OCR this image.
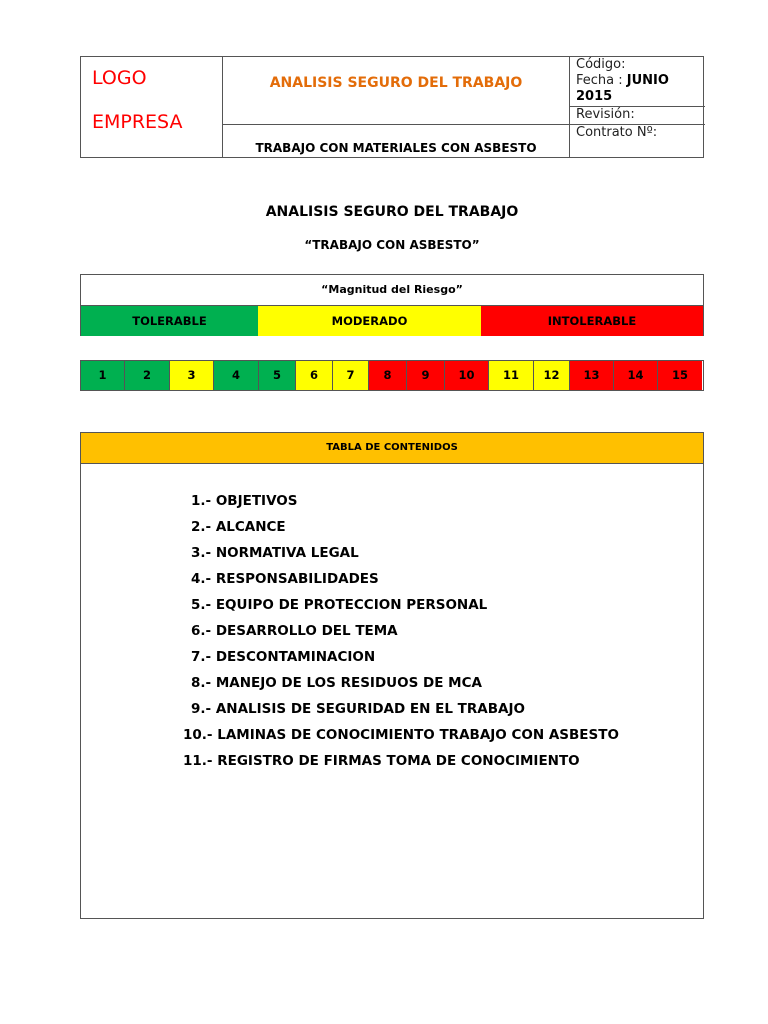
LOGO
EMPRESA
ANALISIS SEGURO DEL TRABAJO
TRABAJO CON MATERIALES CON ASBESTO
Código:
Fecha : JUNIO
2015
Revisión:
Contrato Nº:
ANALISIS SEGURO DEL TRABAJO
“TRABAJO CON ASBESTO”
“Magnitud del Riesgo”
TOLERABLE	MODERADO	INTOLERABLE
1	2	3	4	5	6	7	8	9	10	11	12	13	14	15
TABLA DE CONTENIDOS
1.- OBJETIVOS
2.- ALCANCE
3.- NORMATIVA LEGAL
4.- RESPONSABILIDADES
5.- EQUIPO DE PROTECCION PERSONAL
6.- DESARROLLO DEL TEMA
7.- DESCONTAMINACION
8.- MANEJO DE LOS RESIDUOS DE MCA
9.- ANALISIS DE SEGURIDAD EN EL TRABAJO
10.- LAMINAS DE CONOCIMIENTO TRABAJO CON ASBESTO
11.- REGISTRO DE FIRMAS TOMA DE CONOCIMIENTO
